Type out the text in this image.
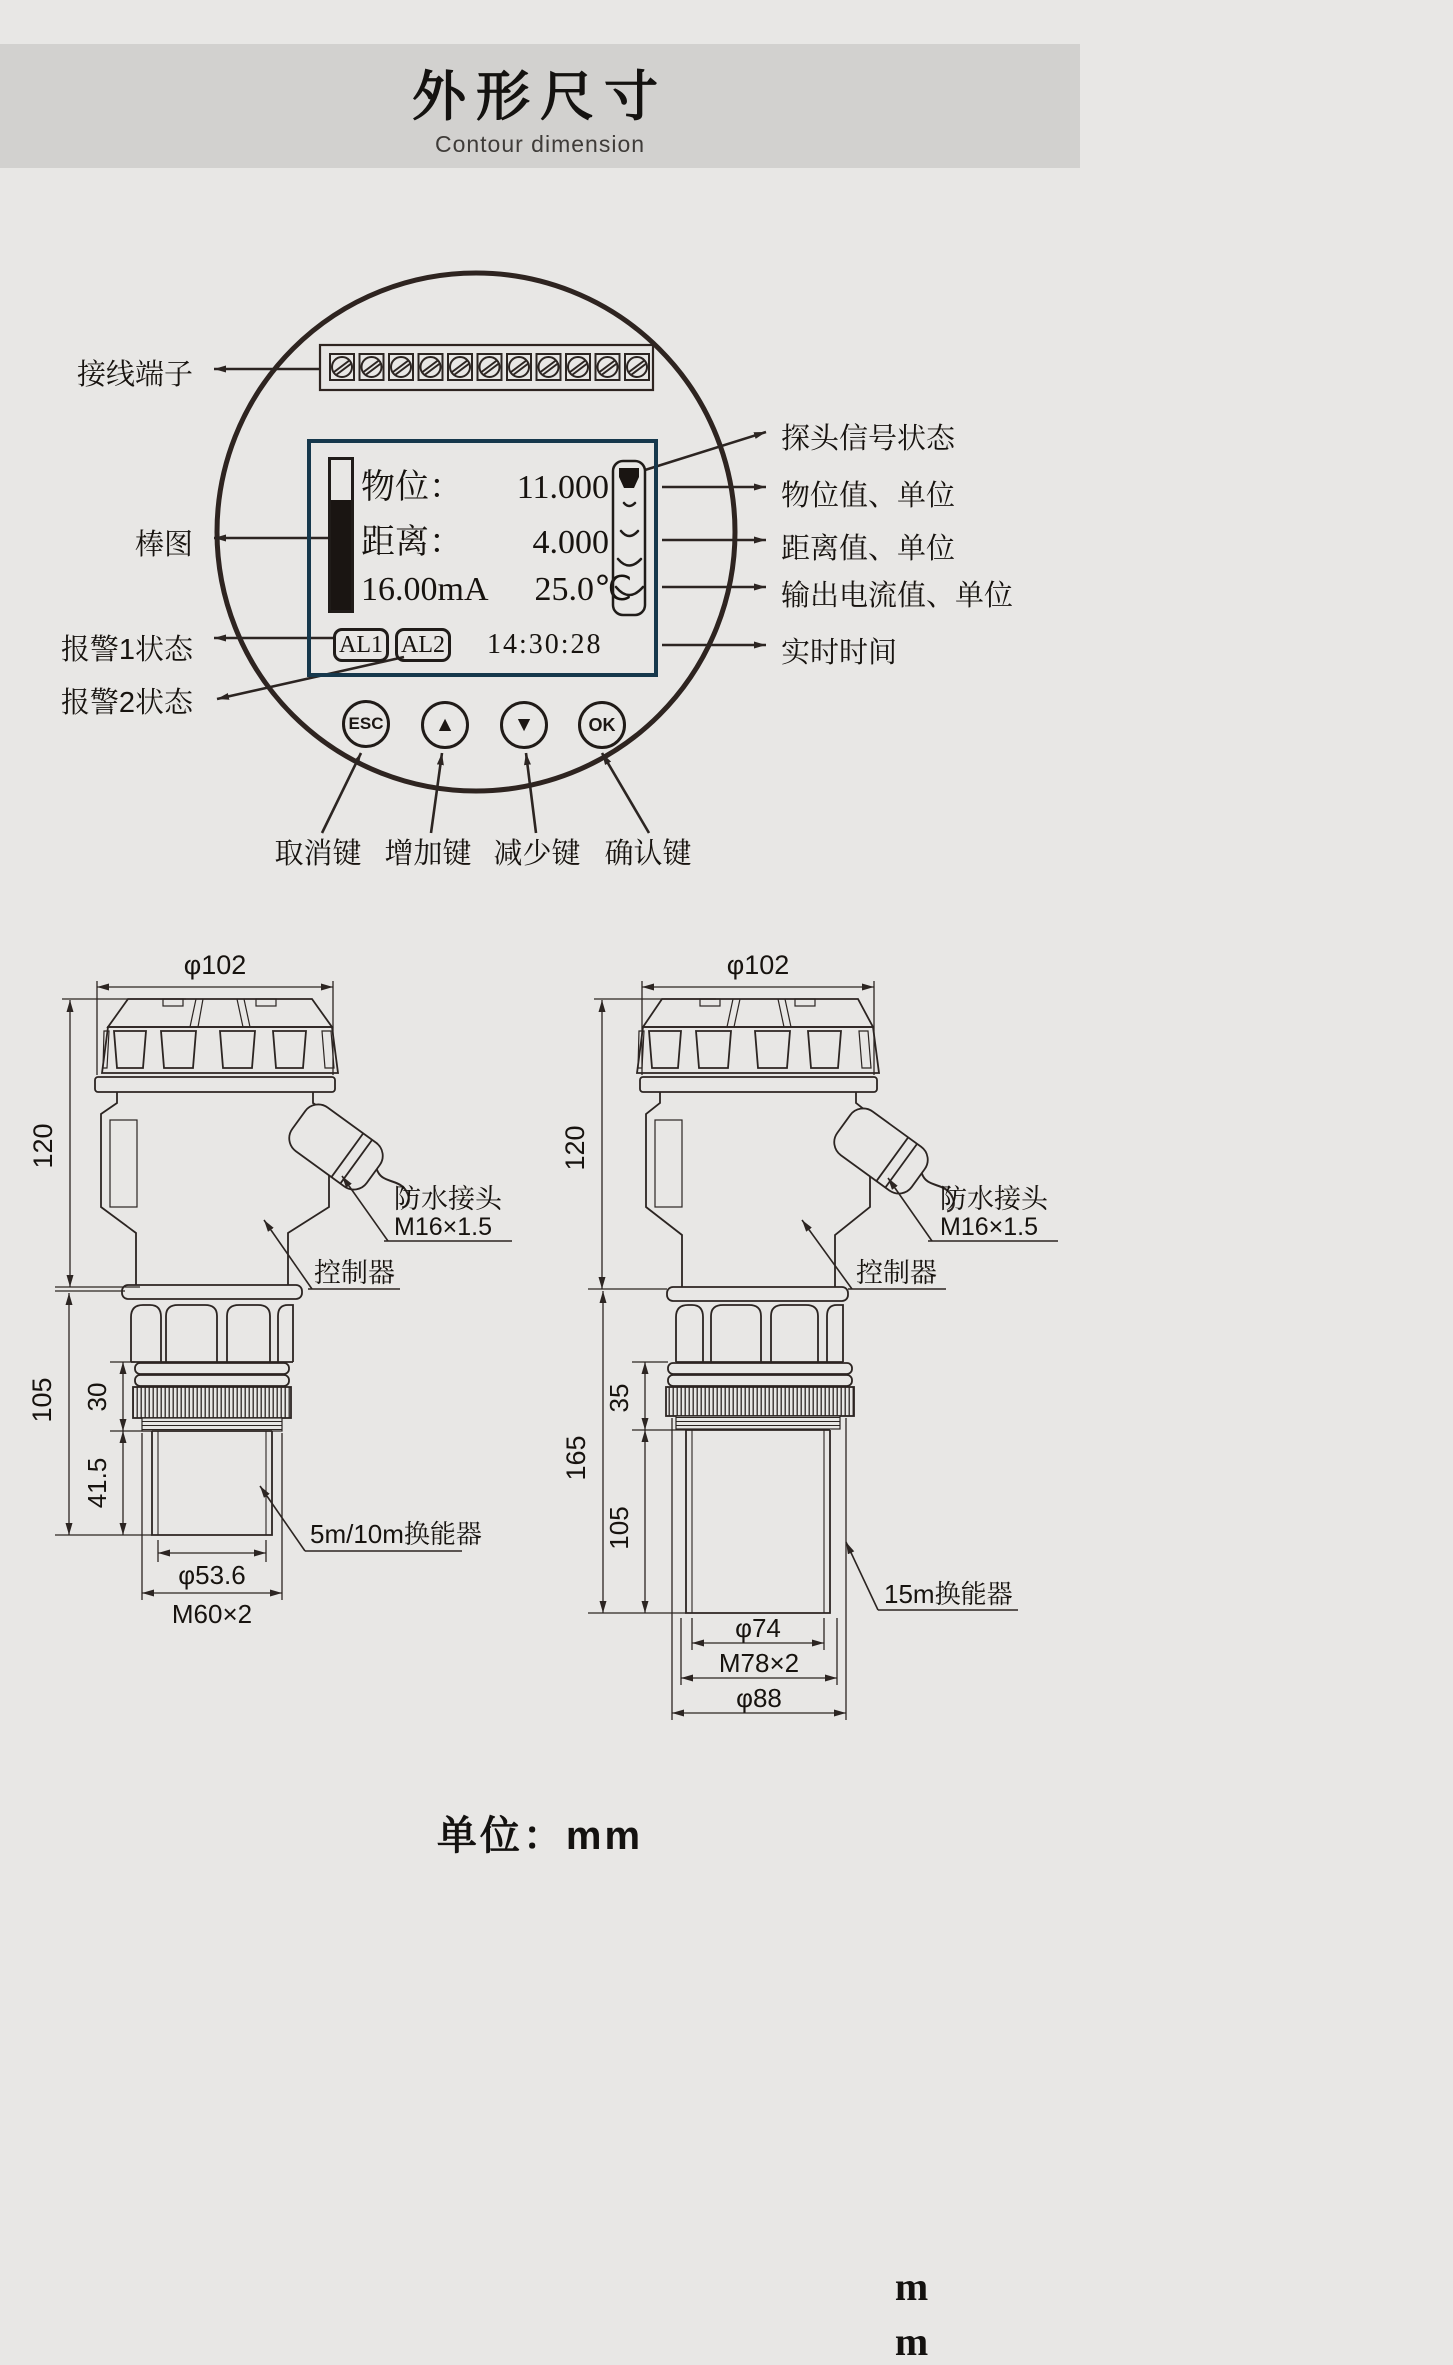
外形尺寸
Contour dimension
φ102
120
105 30
41.5
φ53.6
M60×2
防水接头
M16×1.5
控制器
5m/10m换能器
φ102
120
165
35
105
φ74
M78×2
φ88
防水接头
M16×1.5
控制器
15m换能器
接线端子
棒图
报警1状态
报警2状态
探头信号状态
物位值、单位
距离值、单位
输出电流值、单位
实时时间
物位：	11.000
m
距离：	4.000
m
16.00mA 25.0℃
AL1 AL2 14:30:28
ESC	▲	▼	OK
取消键 增加键 减少键 确认键
单位：mm
